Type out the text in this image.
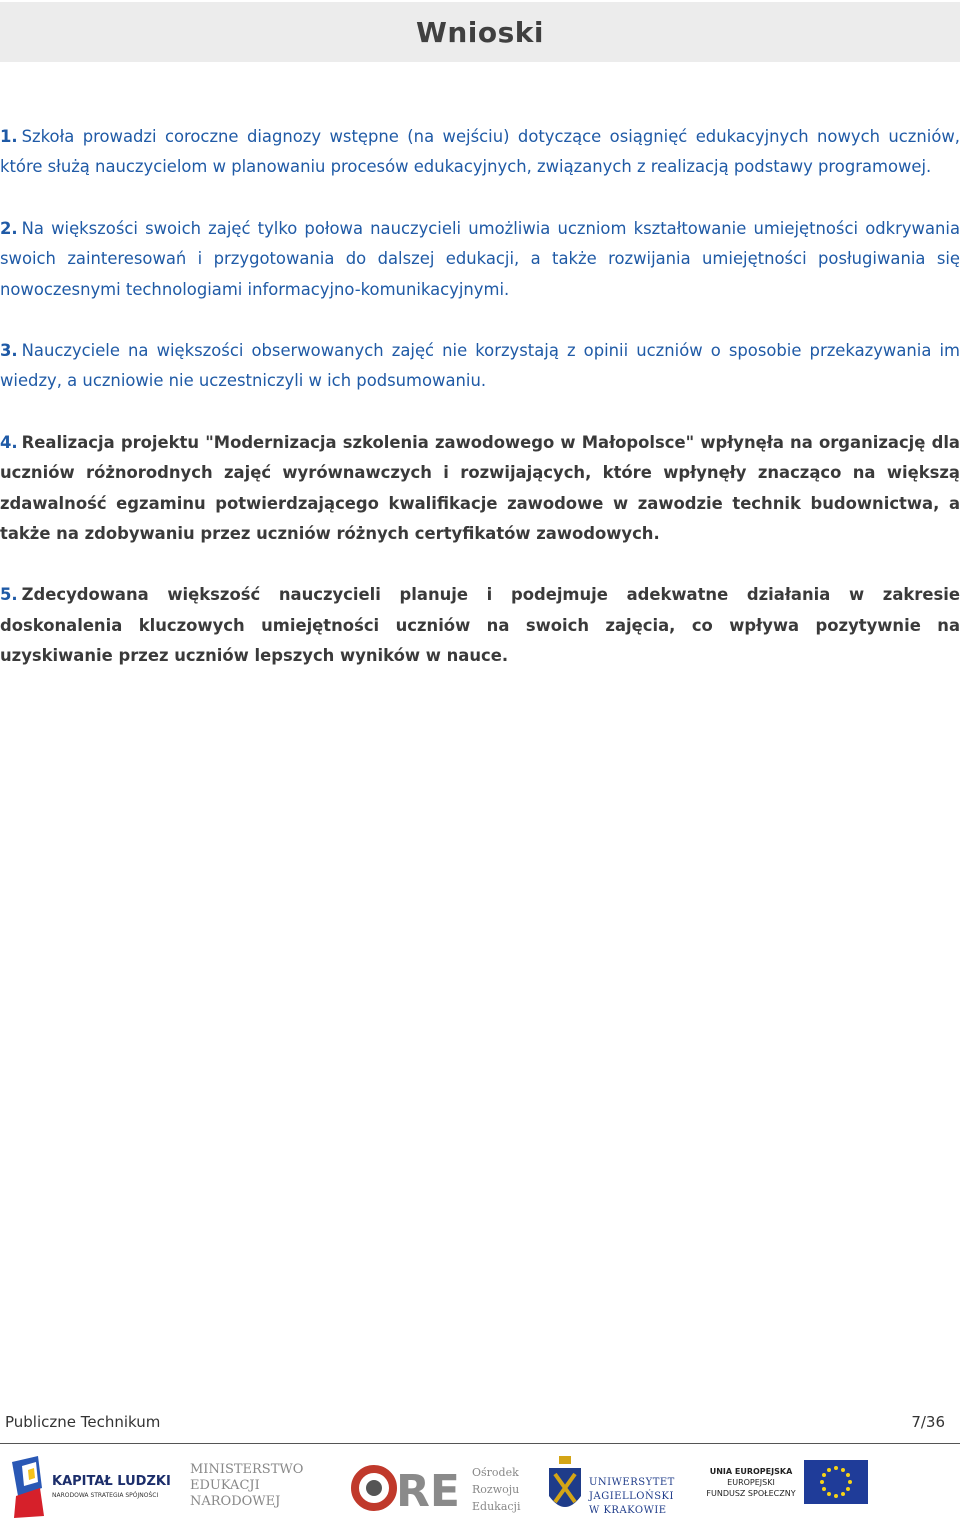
Wnioski

1. Szkoła prowadzi coroczne diagnozy wstępne (na wejściu) dotyczące osiągnięć edukacyjnych nowych uczniów, które służą nauczycielom w planowaniu procesów edukacyjnych, związanych z realizacją podstawy programowej.

2. Na większości swoich zajęć tylko połowa nauczycieli umożliwia uczniom kształtowanie umiejętności odkrywania swoich zainteresowań i przygotowania do dalszej edukacji, a także rozwijania umiejętności posługiwania się nowoczesnymi technologiami informacyjno-komunikacyjnymi.

3. Nauczyciele na większości obserwowanych zajęć nie korzystają z opinii uczniów o sposobie przekazywania im wiedzy, a uczniowie nie uczestniczyli w ich podsumowaniu.

4. Realizacja projektu "Modernizacja szkolenia zawodowego w Małopolsce" wpłynęła na organizację dla uczniów różnorodnych zajęć wyrównawczych i rozwijających, które wpłynęły znacząco na większą zdawalność egzaminu potwierdzającego kwalifikacje zawodowe w zawodzie technik budownictwa, a także na zdobywaniu przez uczniów różnych certyfikatów zawodowych.

5. Zdecydowana większość nauczycieli planuje i podejmuje adekwatne działania w zakresie doskonalenia kluczowych umiejętności uczniów na swoich zajęcia, co wpływa pozytywnie na uzyskiwanie przez uczniów lepszych wyników w nauce.

Publiczne Technikum	7/36
KAPITAŁ LUDZKI
NARODOWA STRATEGIA SPÓJNOŚCI
MINISTERSTWO
EDUKACJI
NARODOWEJ	RE Ośrodek
Rozwoju
Edukacji
UNIWERSYTET
JAGIELLOŃSKI
W KRAKOWIE
UNIA EUROPEJSKA
EUROPEJSKI
FUNDUSZ SPOŁECZNY
